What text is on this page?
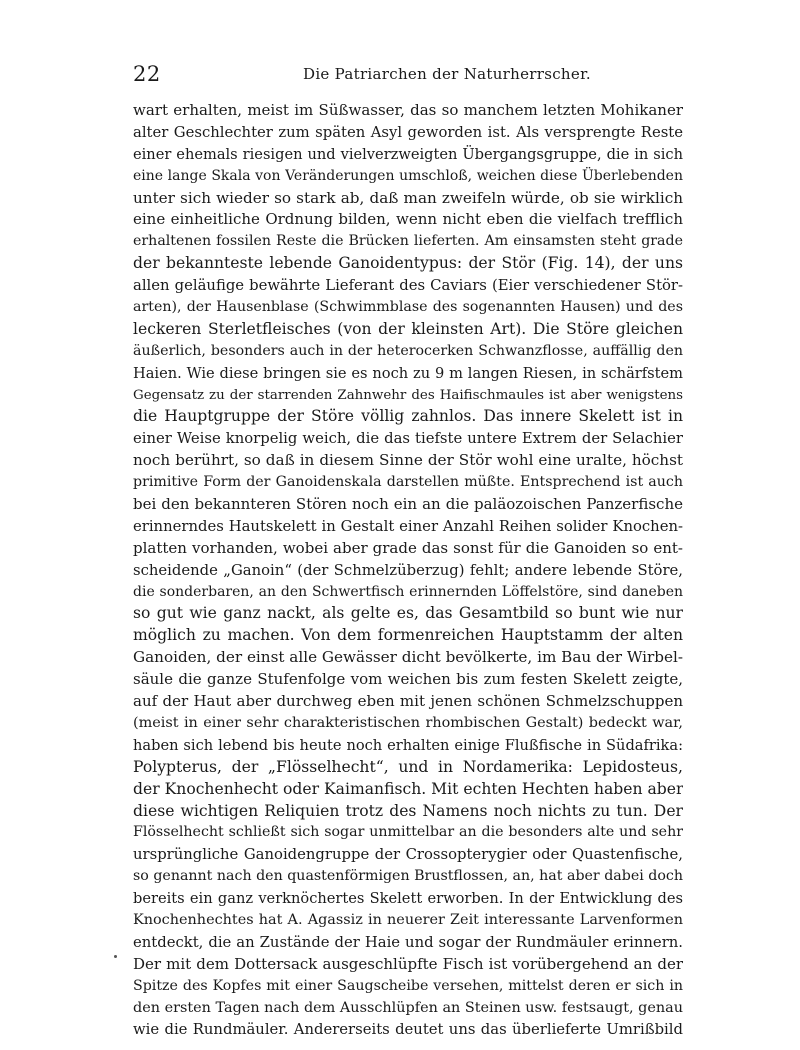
22	Die Patriarchen der Naturherrscher.
wart erhalten, meist im Süßwasser, das so manchem letzten Mohikaner
alter Geschlechter zum späten Asyl geworden ist. Als versprengte Reste
einer ehemals riesigen und vielverzweigten Übergangsgruppe, die in sich
eine lange Skala von Veränderungen umschloß, weichen diese Überlebenden
unter sich wieder so stark ab, daß man zweifeln würde, ob sie wirklich
eine einheitliche Ordnung bilden, wenn nicht eben die vielfach trefflich
erhaltenen fossilen Reste die Brücken lieferten. Am einsamsten steht grade
der bekannteste lebende Ganoidentypus: der Stör (Fig. 14), der uns
allen geläufige bewährte Lieferant des Caviars (Eier verschiedener Stör-
arten), der Hausenblase (Schwimmblase des sogenannten Hausen) und des
leckeren Sterletfleisches (von der kleinsten Art). Die Störe gleichen
äußerlich, besonders auch in der heterocerken Schwanzflosse, auffällig den
Haien. Wie diese bringen sie es noch zu 9 m langen Riesen, in schärfstem
Gegensatz zu der starrenden Zahnwehr des Haifischmaules ist aber wenigstens
die Hauptgruppe der Störe völlig zahnlos. Das innere Skelett ist in
einer Weise knorpelig weich, die das tiefste untere Extrem der Selachier
noch berührt, so daß in diesem Sinne der Stör wohl eine uralte, höchst
primitive Form der Ganoidenskala darstellen müßte. Entsprechend ist auch
bei den bekannteren Stören noch ein an die paläozoischen Panzerfische
erinnerndes Hautskelett in Gestalt einer Anzahl Reihen solider Knochen-
platten vorhanden, wobei aber grade das sonst für die Ganoiden so ent-
scheidende „Ganoin“ (der Schmelzüberzug) fehlt; andere lebende Störe,
die sonderbaren, an den Schwertfisch erinnernden Löffelstöre, sind daneben
so gut wie ganz nackt, als gelte es, das Gesamtbild so bunt wie nur
möglich zu machen. Von dem formenreichen Hauptstamm der alten
Ganoiden, der einst alle Gewässer dicht bevölkerte, im Bau der Wirbel-
säule die ganze Stufenfolge vom weichen bis zum festen Skelett zeigte,
auf der Haut aber durchweg eben mit jenen schönen Schmelzschuppen
(meist in einer sehr charakteristischen rhombischen Gestalt) bedeckt war,
haben sich lebend bis heute noch erhalten einige Flußfische in Südafrika:
Polypterus, der „Flösselhecht“, und in Nordamerika: Lepidosteus,
der Knochenhecht oder Kaimanfisch. Mit echten Hechten haben aber
diese wichtigen Reliquien trotz des Namens noch nichts zu tun. Der
Flösselhecht schließt sich sogar unmittelbar an die besonders alte und sehr
ursprüngliche Ganoidengruppe der Crossopterygier oder Quastenfische,
so genannt nach den quastenförmigen Brustflossen, an, hat aber dabei doch
bereits ein ganz verknöchertes Skelett erworben. In der Entwicklung des
Knochenhechtes hat A. Agassiz in neuerer Zeit interessante Larvenformen
entdeckt, die an Zustände der Haie und sogar der Rundmäuler erinnern.
Der mit dem Dottersack ausgeschlüpfte Fisch ist vorübergehend an der
Spitze des Kopfes mit einer Saugscheibe versehen, mittelst deren er sich in
den ersten Tagen nach dem Ausschlüpfen an Steinen usw. festsaugt, genau
wie die Rundmäuler. Andererseits deutet uns das überlieferte Umrißbild
